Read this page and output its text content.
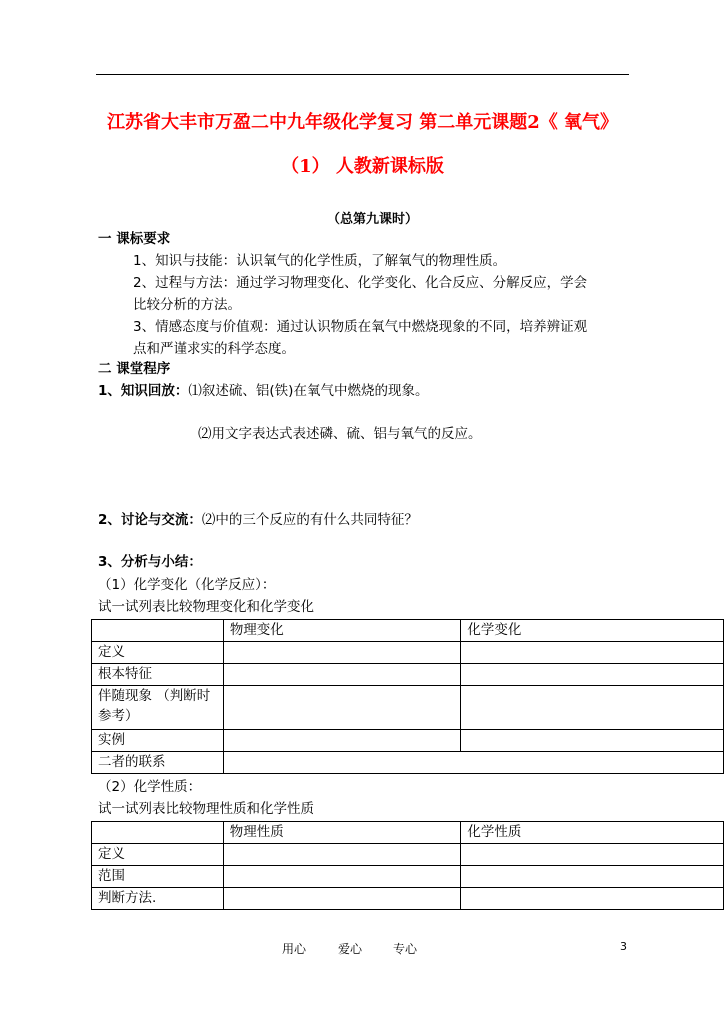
江苏省大丰市万盈二中九年级化学复习 第二单元课题2《 氧气》
（1） 人教新课标版
（总第九课时）
一 课标要求
1、知识与技能：认识氧气的化学性质，了解氧气的物理性质。
2、过程与方法：通过学习物理变化、化学变化、化合反应、分解反应，学会
比较分析的方法。
3、情感态度与价值观：通过认识物质在氧气中燃烧现象的不同，培养辨证观
点和严谨求实的科学态度。
二 课堂程序
1、知识回放：⑴叙述硫、铝(铁)在氧气中燃烧的现象。
⑵用文字表达式表述磷、硫、铝与氧气的反应。
2、讨论与交流：⑵中的三个反应的有什么共同特征？
3、分析与小结：
（1）化学变化（化学反应）：
试一试列表比较物理变化和化学变化
	物理变化	化学变化
定义		
根本特征		

伴随现象 （判断时
参考）		

实例		
二者的联系		
（2）化学性质：
试一试列表比较物理性质和化学性质
	物理性质	化学性质
定义		
范围		
判断方法.		
用心	爱心	专心	3
